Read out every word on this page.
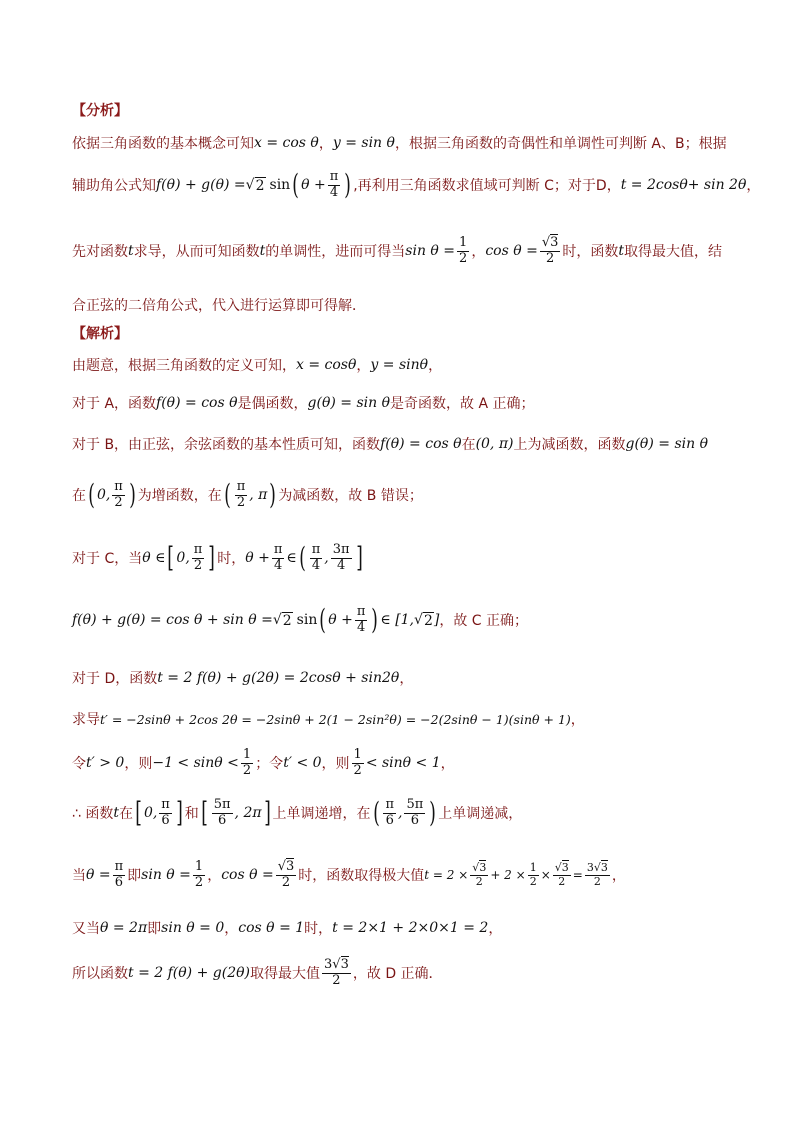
【分析】
依据三角函数的基本概念可知 x = cos θ ， y = sin θ ，根据三角函数的奇偶性和单调性可判断 A、B；根据
辅助角公式知 f(θ) + g(θ) = √ 2 sin ( $\theta + \frac{\pi}{4}$ ) ,再利用三角函数求值域可判断 C；对于D， t = 2cosθ+ sin 2θ ，
先对函数 t 求导，从而可知函数 t 的单调性，进而可得当 $\sin \theta = \frac{1}{2}$ ， $\cos \theta = \frac{√3}{2}$ 时，函数 t 取得最大值，结
合正弦的二倍角公式，代入进行运算即可得解．
【解析】
由题意，根据三角函数的定义可知， x = cosθ ， y = sinθ ，
对于 A，函数 f(θ) = cos θ 是偶函数， g(θ) = sin θ 是奇函数，故 A 正确；
对于 B，由正弦，余弦函数的基本性质可知，函数 f(θ) = cos θ 在 (0, π) 上为减函数，函数 g(θ) = sin θ
在 ( 0, $\frac{\pi}{2}$ ) 为增函数，在 ( $\frac{\pi}{2}$ , π ) 为减函数，故 B 错误；
对于 C，当 θ ∈ [ 0, $\frac{\pi}{2}$ ] 时， $\theta + \frac{\pi}{4}$ ∈ ( $\frac{\pi}{4}$ , $\frac{3\pi}{4}$ ]
f(θ) + g(θ) = cos θ + sin θ = √ 2 sin ( $\theta + \frac{\pi}{4}$ ) ∈ [1, √ 2 ] ，故 C 正确；
对于 D，函数 t = 2 f(θ) + g(2θ) = 2cosθ + sin2θ ，
求导 t′ = −2sinθ + 2cos 2θ = −2sinθ + 2(1 − 2sin²θ) = −2(2sinθ − 1)(sinθ + 1) ，
令 t′ > 0 ，则 $-1 < \sin\theta < \frac{1}{2}$ ；令 t′ < 0 ，则 $\frac{1}{2} < \sin\theta < 1$ ，
∴ 函数 t 在 [ 0, $\frac{\pi}{6}$ ] 和 [ $\frac{5\pi}{6}$ , 2π ] 上单调递增，在 ( $\frac{\pi}{6}$ , $\frac{5\pi}{6}$ ) 上单调递减，
当 $\theta = \frac{\pi}{6}$ 即 $\sin \theta = \frac{1}{2}$ ， $\cos \theta = \frac{√3}{2}$ 时，函数取得极大值 $t = 2 \times \frac{√3}{2} + 2 \times \frac{1}{2} \times \frac{√3}{2} = \frac{3√3}{2}$ ，
又当 θ = 2π 即 sin θ = 0 ， cos θ = 1 时， t = 2×1 + 2×0×1 = 2 ，
所以函数 t = 2 f(θ) + g(2θ) 取得最大值 $\frac{3√3}{2}$ ，故 D 正确．
